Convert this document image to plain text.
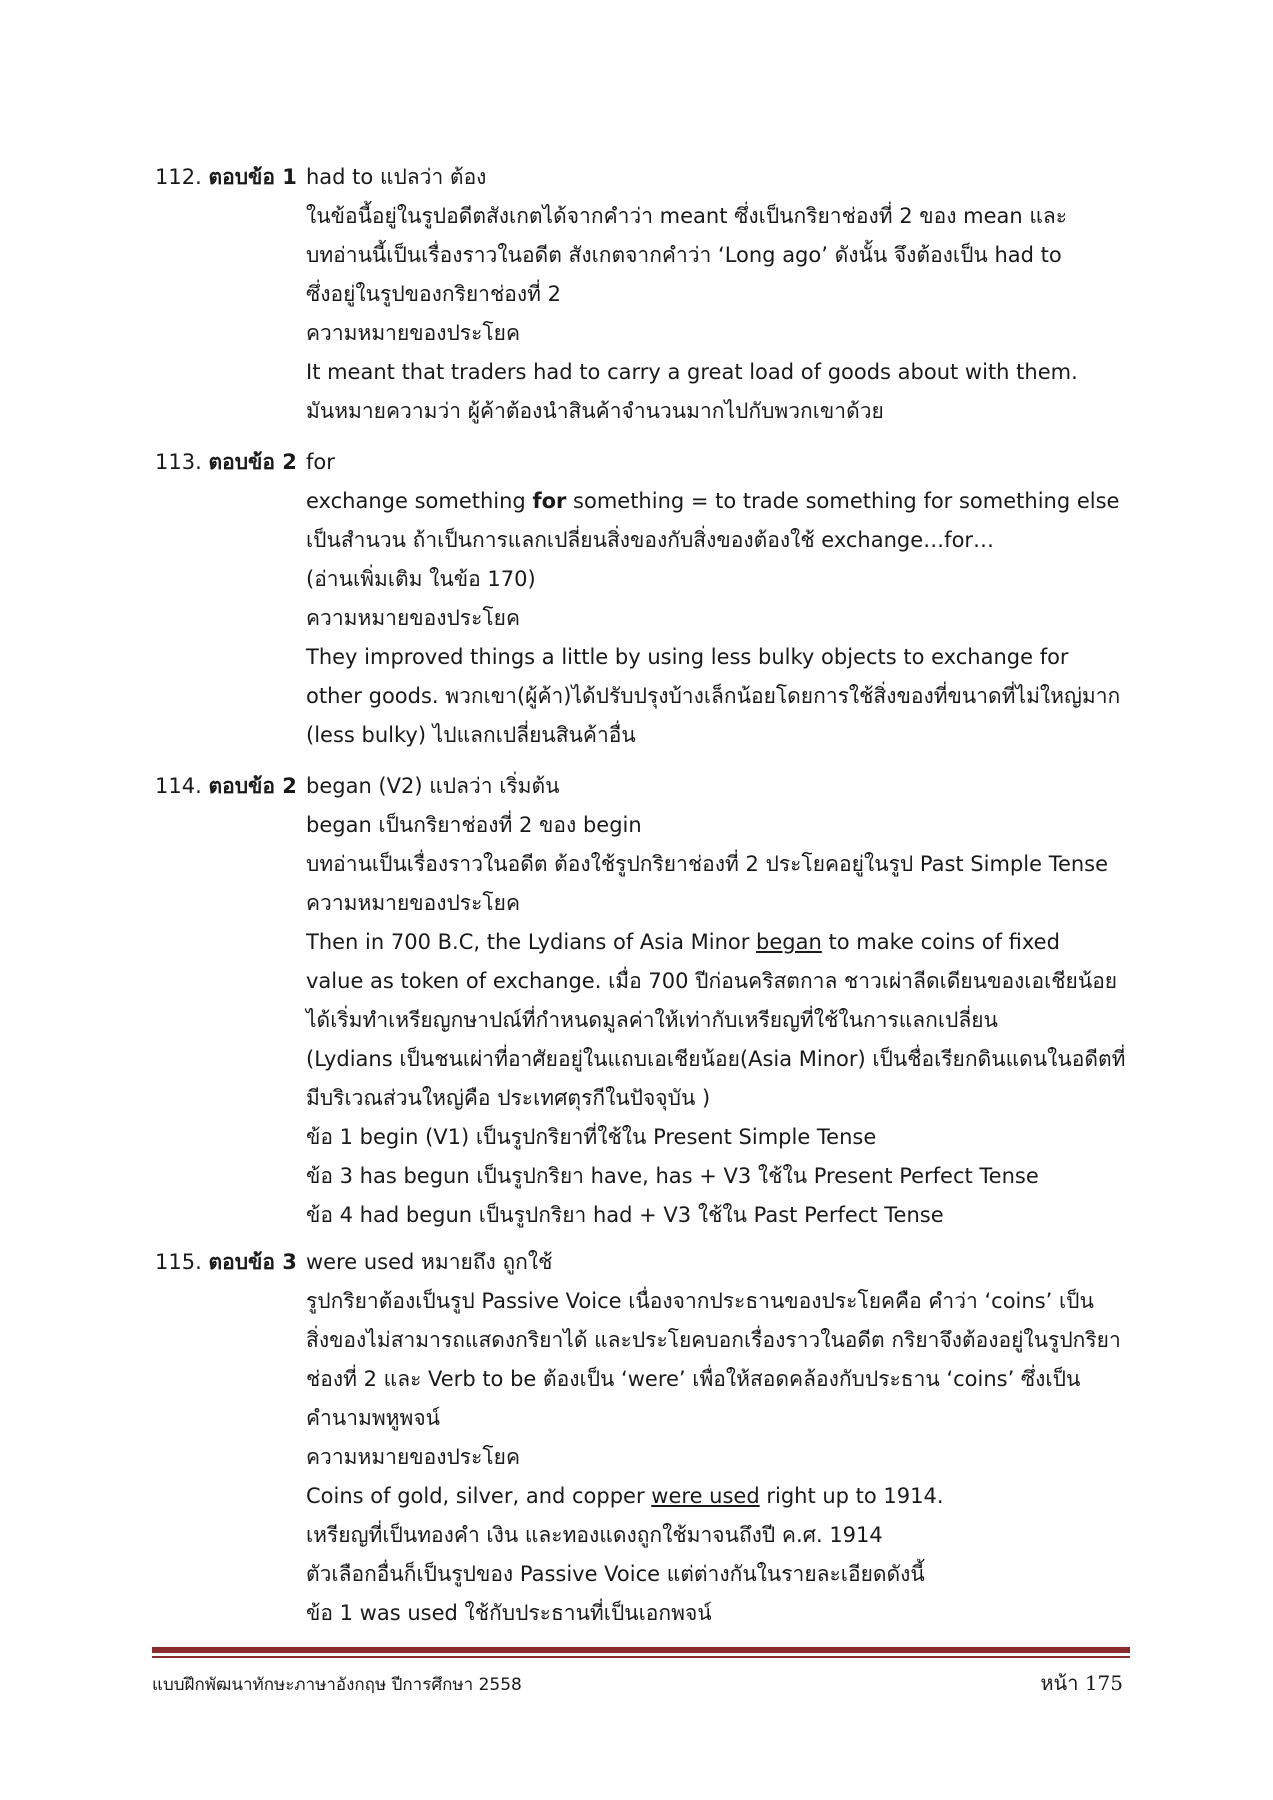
112. ตอบข้อ 1 had to แปลว่า ต้อง
ในข้อนี้อยู่ในรูปอดีตสังเกตได้จากคำว่า meant ซึ่งเป็นกริยาช่องที่ 2 ของ mean และ
บทอ่านนี้เป็นเรื่องราวในอดีต สังเกตจากคำว่า ‘Long ago’ ดังนั้น จึงต้องเป็น had to
ซึ่งอยู่ในรูปของกริยาช่องที่ 2
ความหมายของประโยค
It meant that traders had to carry a great load of goods about with them.
มันหมายความว่า ผู้ค้าต้องนำสินค้าจำนวนมากไปกับพวกเขาด้วย
113. ตอบข้อ 2 for
exchange something for something = to trade something for something else
เป็นสำนวน ถ้าเป็นการแลกเปลี่ยนสิ่งของกับสิ่งของต้องใช้ exchange…for…
(อ่านเพิ่มเติม ในข้อ 170)
ความหมายของประโยค
They improved things a little by using less bulky objects to exchange for
other goods. พวกเขา(ผู้ค้า)ได้ปรับปรุงบ้างเล็กน้อยโดยการใช้สิ่งของที่ขนาดที่ไม่ใหญ่มาก
(less bulky) ไปแลกเปลี่ยนสินค้าอื่น
114. ตอบข้อ 2 began (V2) แปลว่า เริ่มต้น
began เป็นกริยาช่องที่ 2 ของ begin
บทอ่านเป็นเรื่องราวในอดีต ต้องใช้รูปกริยาช่องที่ 2 ประโยคอยู่ในรูป Past Simple Tense
ความหมายของประโยค
Then in 700 B.C, the Lydians of Asia Minor began to make coins of fixed
value as token of exchange. เมื่อ 700 ปีก่อนคริสตกาล ชาวเผ่าลีดเดียนของเอเชียน้อย
ได้เริ่มทำเหรียญกษาปณ์ที่กำหนดมูลค่าให้เท่ากับเหรียญที่ใช้ในการแลกเปลี่ยน
(Lydians เป็นชนเผ่าที่อาศัยอยู่ในแถบเอเชียน้อย(Asia Minor) เป็นชื่อเรียกดินแดนในอดีตที่
มีบริเวณส่วนใหญ่คือ ประเทศตุรกีในปัจจุบัน )
ข้อ 1 begin (V1) เป็นรูปกริยาที่ใช้ใน Present Simple Tense
ข้อ 3 has begun เป็นรูปกริยา have, has + V3 ใช้ใน Present Perfect Tense
ข้อ 4 had begun เป็นรูปกริยา had + V3 ใช้ใน Past Perfect Tense
115. ตอบข้อ 3 were used หมายถึง ถูกใช้
รูปกริยาต้องเป็นรูป Passive Voice เนื่องจากประธานของประโยคคือ คำว่า ‘coins’ เป็น
สิ่งของไม่สามารถแสดงกริยาได้ และประโยคบอกเรื่องราวในอดีต กริยาจึงต้องอยู่ในรูปกริยา
ช่องที่ 2 และ Verb to be ต้องเป็น ‘were’ เพื่อให้สอดคล้องกับประธาน ‘coins’ ซึ่งเป็น
คำนามพหูพจน์
ความหมายของประโยค
Coins of gold, silver, and copper were used right up to 1914.
เหรียญที่เป็นทองคำ เงิน และทองแดงถูกใช้มาจนถึงปี ค.ศ. 1914
ตัวเลือกอื่นก็เป็นรูปของ Passive Voice แต่ต่างกันในรายละเอียดดังนี้
ข้อ 1 was used ใช้กับประธานที่เป็นเอกพจน์
แบบฝึกพัฒนาทักษะภาษาอังกฤษ ปีการศึกษา 2558	หน้า 175
